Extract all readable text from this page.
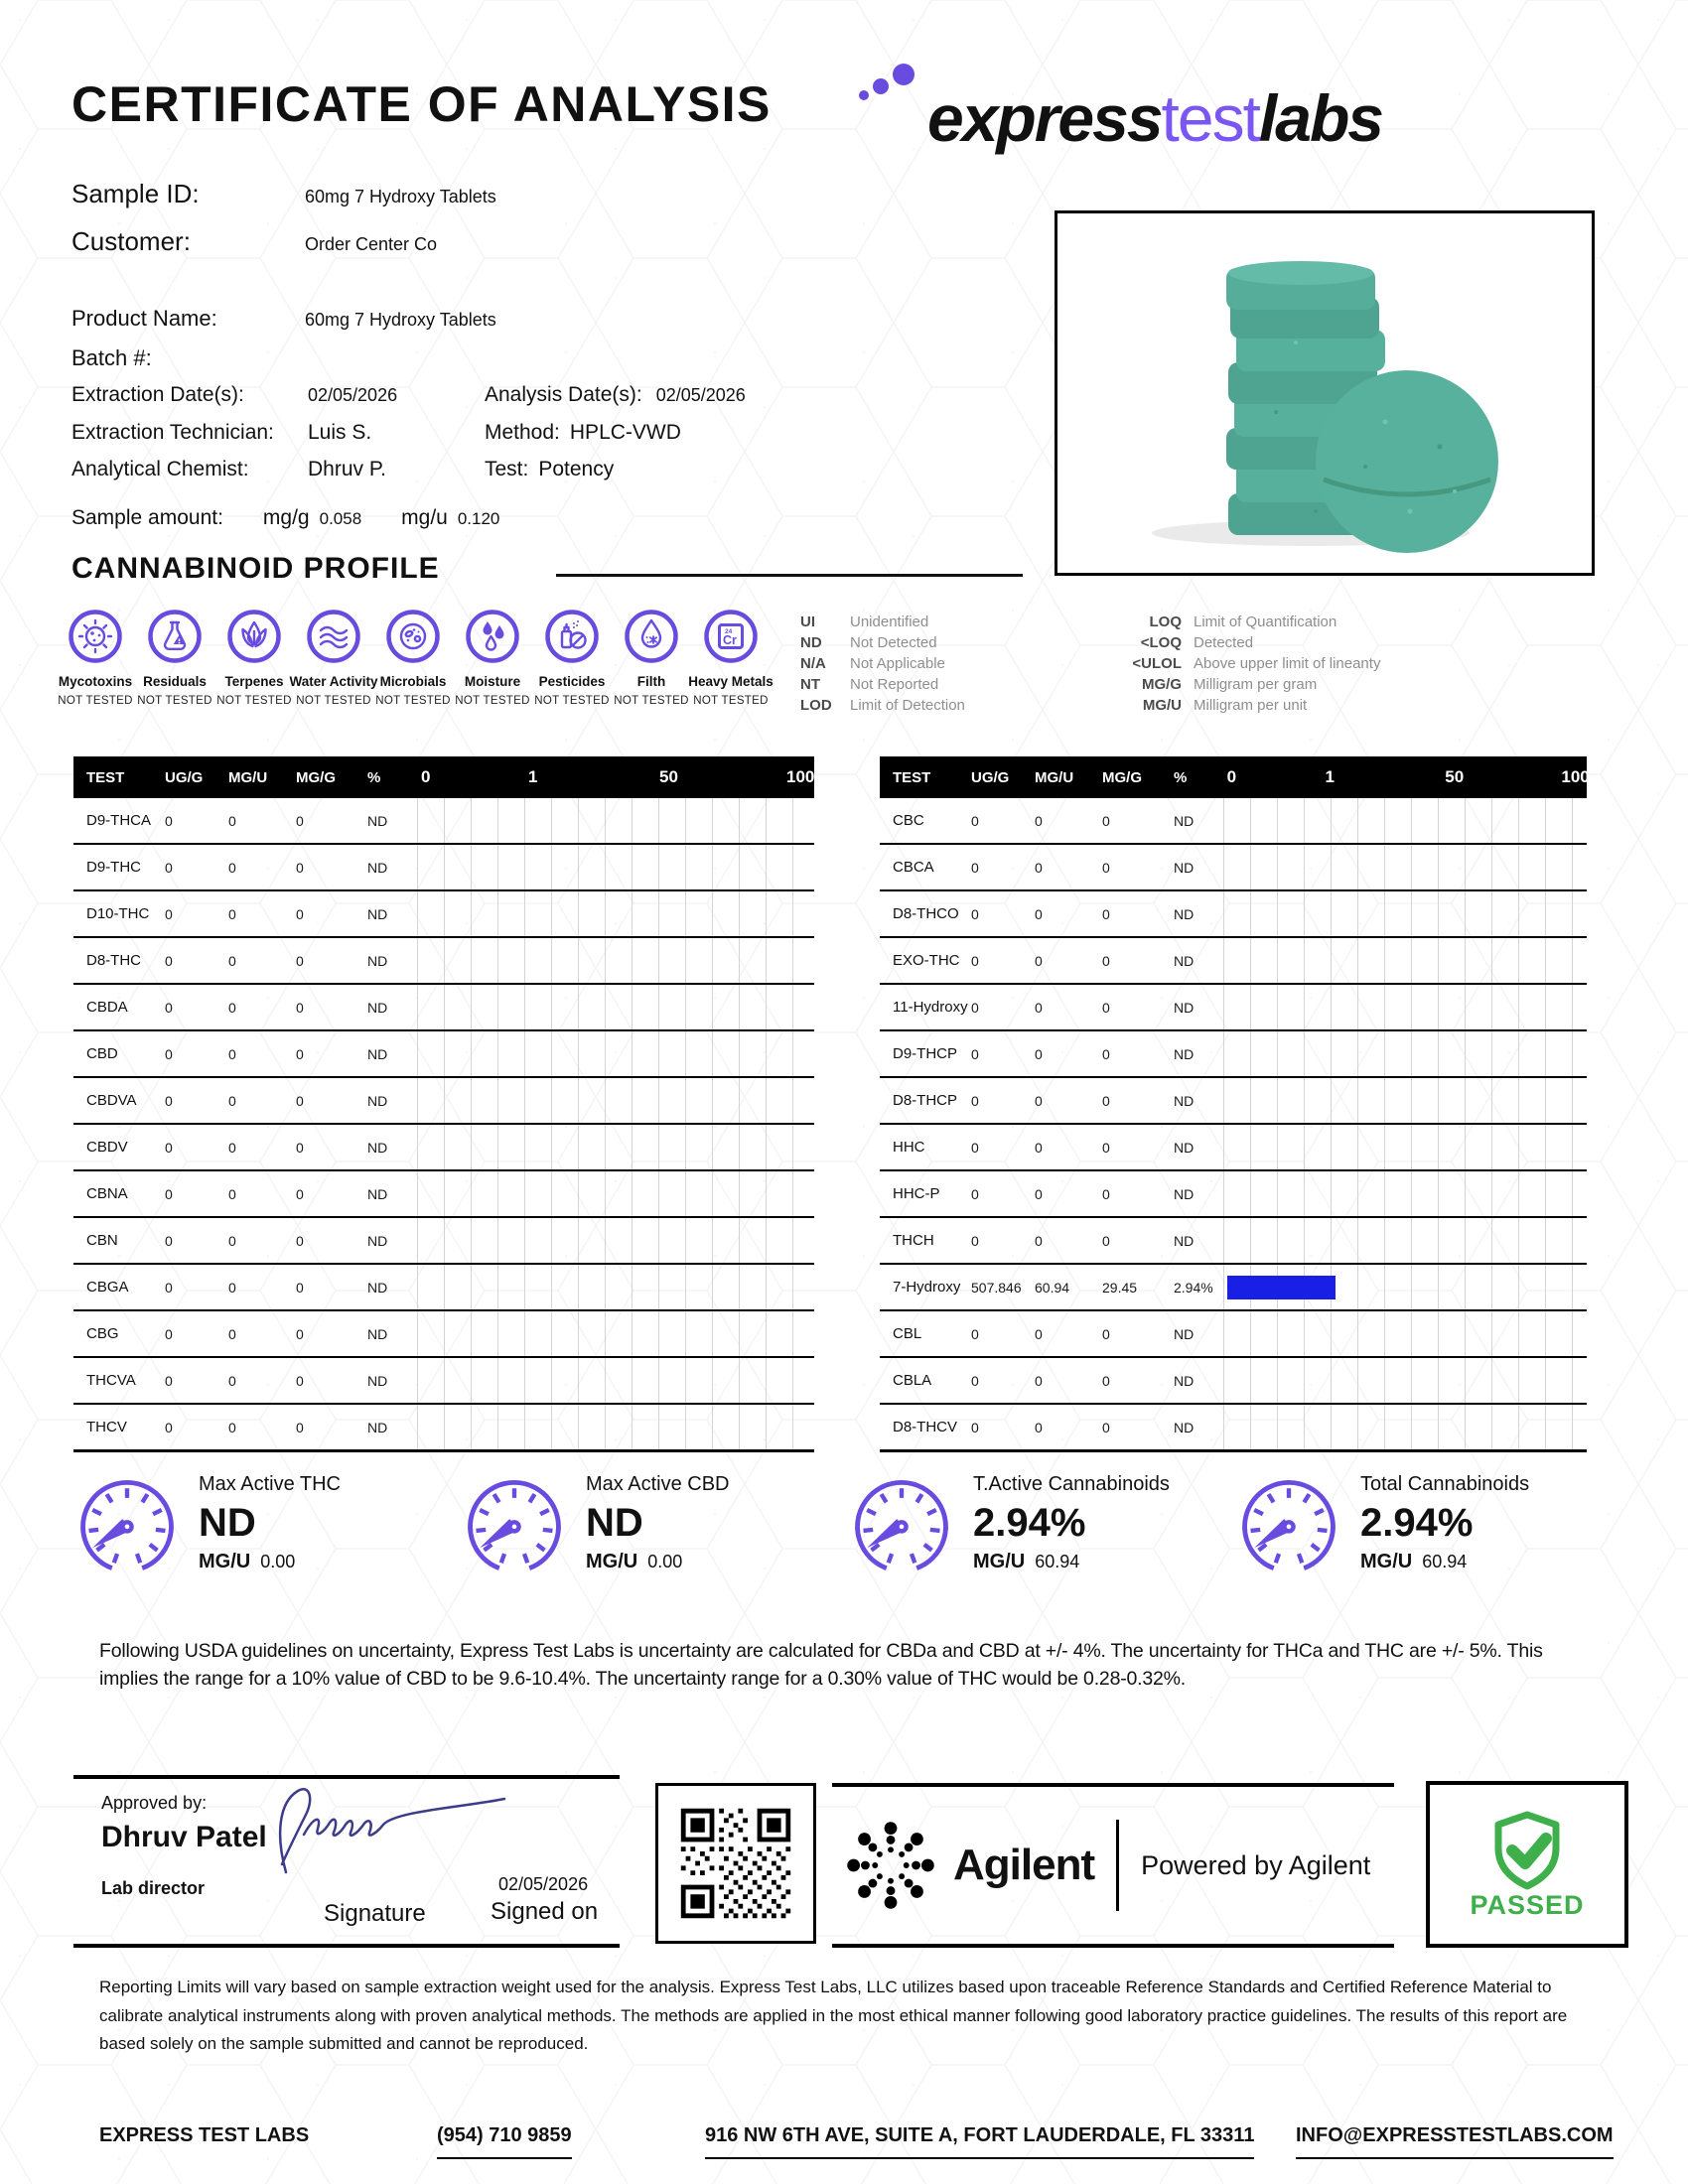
CERTIFICATE OF ANALYSIS express test labs
Sample ID:	60mg 7 Hydroxy Tablets
Customer:	Order Center Co
Product Name:	60mg 7 Hydroxy Tablets
Batch #:
Extraction Date(s):	02/05/2026	Analysis Date(s): 02/05/2026
Extraction Technician:	Luis S.	Method: HPLC-VWD
Analytical Chemist:	Dhruv P.	Test: Potency
Sample amount: mg/g 0.058 mg/u 0.120
CANNABINOID PROFILE
Mycotoxins
NOT TESTED
Residuals
NOT TESTED
Terpenes
NOT TESTED
Water Activity
NOT TESTED
Microbials
NOT TESTED
Moisture
NOT TESTED
Pesticides
NOT TESTED
Filth
NOT TESTED
24
Cr
Heavy Metals
NOT TESTED
UI	Unidentified
ND	Not Detected
N/A	Not Applicable
NT	Not Reported
LOD	Limit of Detection
LOQ Limit of Quantification
<LOQ Detected
<ULOL Above upper limit of lineanty
MG/G Milligram per gram
MG/U Milligram per unit
TEST	UG/G	MG/U	MG/G	%	0	1	50	100
D9-THCA 0	0	0	ND
D9-THC	0	0	0	ND
D10-THC	0	0	0	ND
D8-THC	0	0	0	ND
CBDA	0	0	0	ND
CBD	0	0	0	ND
CBDVA	0	0	0	ND
CBDV	0	0	0	ND
CBNA	0	0	0	ND
CBN	0	0	0	ND
CBGA	0	0	0	ND
CBG	0	0	0	ND
THCVA	0	0	0	ND
THCV	0	0	0	ND
TEST	UG/G	MG/U	MG/G	%	0	1	50	100
CBC	0	0	0	ND
CBCA	0	0	0	ND
D8-THCO 0	0	0	ND
EXO-THC 0	0	0	ND
11-Hydroxy 0	0	0	ND
D9-THCP 0	0	0	ND
D8-THCP 0	0	0	ND
HHC	0	0	0	ND
HHC-P	0	0	0	ND
THCH	0	0	0	ND
7-Hydroxy 507.846 60.94	29.45	2.94%
CBL	0	0	0	ND
CBLA	0	0	0	ND
D8-THCV 0	0	0	ND
Max Active THC
ND
MG/U 0.00
Max Active CBD
ND
MG/U 0.00
T.Active Cannabinoids
2.94%
MG/U 60.94
Total Cannabinoids
2.94%
MG/U 60.94
Following USDA guidelines on uncertainty, Express Test Labs is uncertainty are calculated for CBDa and CBD at +/- 4%. The uncertainty for THCa and THC are +/- 5%. This implies the range for a 10% value of CBD to be 9.6-10.4%. The uncertainty range for a 0.30% value of THC would be 0.28-0.32%.
Approved by:
Dhruv Patel
Lab director
Signature
02/05/2026
Signed on
Agilent Powered by Agilent
PASSED
Reporting Limits will vary based on sample extraction weight used for the analysis. Express Test Labs, LLC utilizes based upon traceable Reference Standards and Certified Reference Material to calibrate analytical instruments along with proven analytical methods. The methods are applied in the most ethical manner following good laboratory practice guidelines. The results of this report are based solely on the sample submitted and cannot be reproduced.
EXPRESS TEST LABS	(954) 710 9859	916 NW 6TH AVE, SUITE A, FORT LAUDERDALE, FL 33311 INFO@EXPRESSTESTLABS.COM
